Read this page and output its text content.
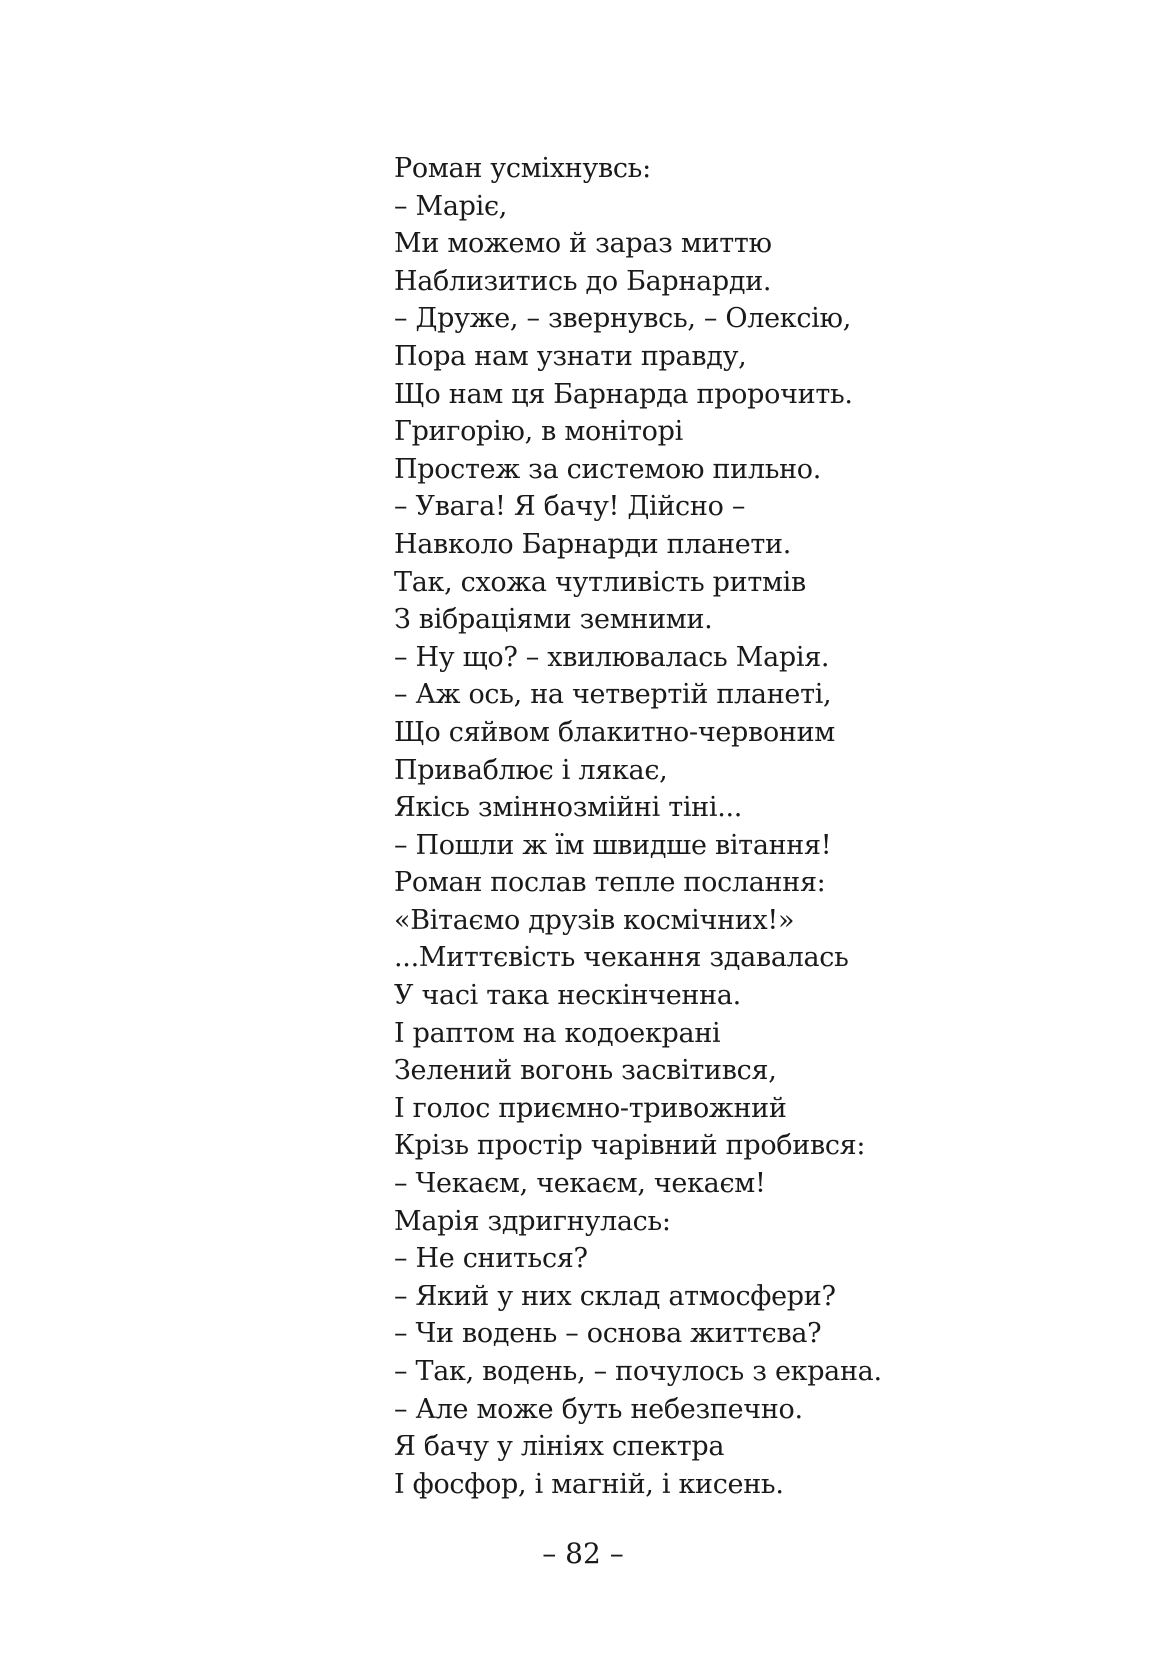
Роман усміхнувсь:
– Маріє,
Ми можемо й зараз миттю
Наблизитись до Барнарди.
– Друже, – звернувсь, – Олексію,
Пора нам узнати правду,
Що нам ця Барнарда пророчить.
Григорію, в моніторі
Простеж за системою пильно.
– Увага! Я бачу! Дійсно –
Навколо Барнарди планети.
Так, схожа чутливість ритмів
З вібраціями земними.
– Ну що? – хвилювалась Марія.
– Аж ось, на четвертій планеті,
Що сяйвом блакитно-червоним
Приваблює і лякає,
Якісь зміннозмійні тіні...
– Пошли ж їм швидше вітання!
Роман послав тепле послання:
«Вітаємо друзів космічних!»
...Миттєвість чекання здавалась
У часі така нескінченна.
І раптом на кодоекрані
Зелений вогонь засвітився,
І голос приємно-тривожний
Крізь простір чарівний пробився:
– Чекаєм, чекаєм, чекаєм!
Марія здригнулась:
– Не сниться?
– Який у них склад атмосфери?
– Чи водень – основа життєва?
– Так, водень, – почулось з екрана.
– Але може буть небезпечно.
Я бачу у лініях спектра
І фосфор, і магній, і кисень.
– 82 –
